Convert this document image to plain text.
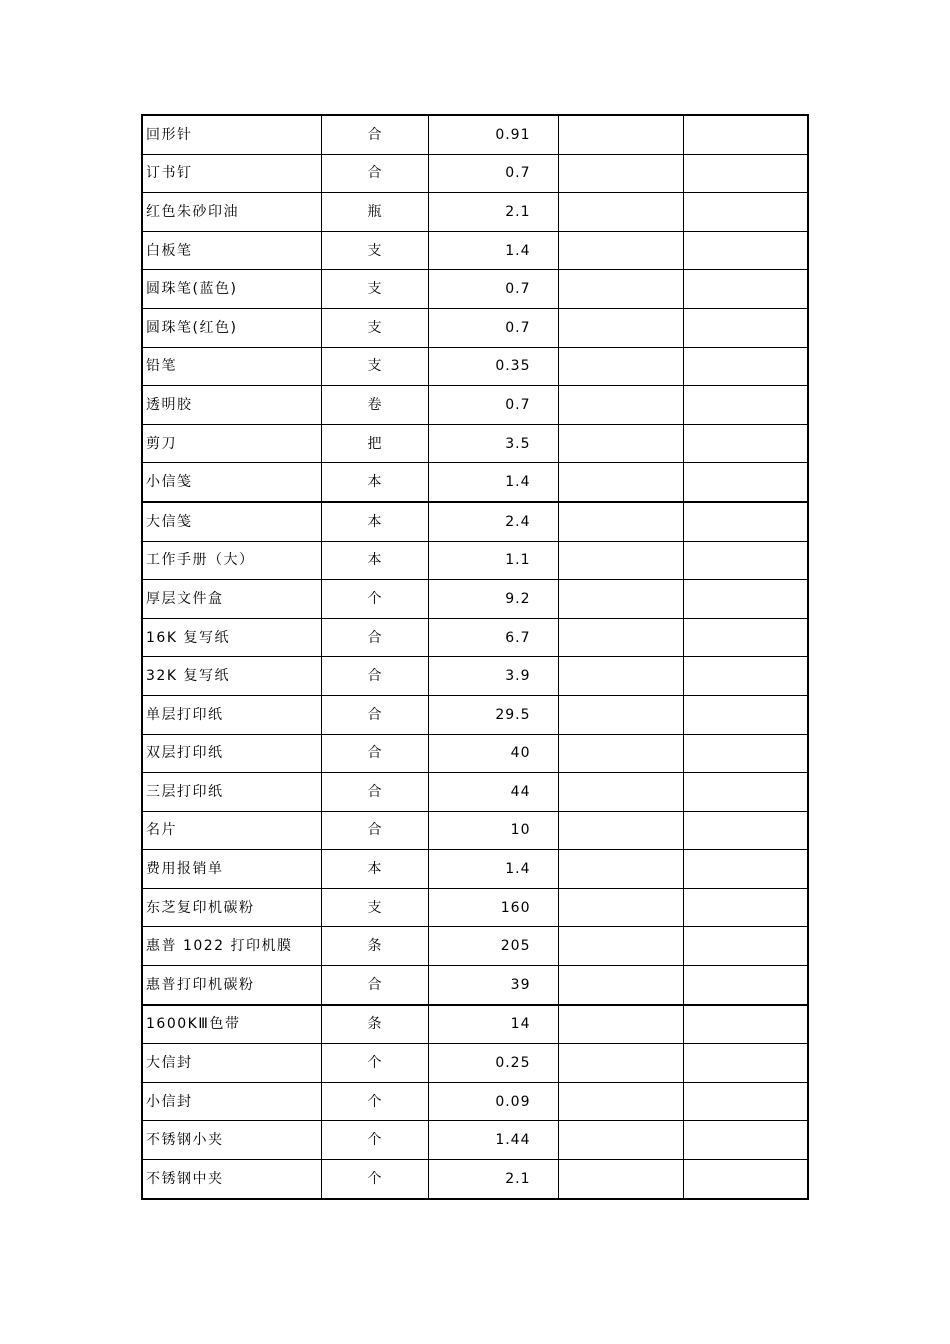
回形针	合	0.91		
订书钉	合	0.7		
红色朱砂印油	瓶	2.1		
白板笔	支	1.4		
圆珠笔(蓝色)	支	0.7		
圆珠笔(红色)	支	0.7		
铅笔	支	0.35		
透明胶	卷	0.7		
剪刀	把	3.5		
小信笺	本	1.4		
大信笺	本	2.4		
工作手册（大）	本	1.1		
厚层文件盒	个	9.2		
16K 复写纸	合	6.7		
32K 复写纸	合	3.9		
单层打印纸	合	29.5		
双层打印纸	合	40		
三层打印纸	合	44		
名片	合	10		
费用报销单	本	1.4		
东芝复印机碳粉	支	160		
惠普 1022 打印机膜	条	205		
惠普打印机碳粉	合	39		
1600KⅢ色带	条	14		
大信封	个	0.25		
小信封	个	0.09		
不锈钢小夹	个	1.44		
不锈钢中夹	个	2.1		
